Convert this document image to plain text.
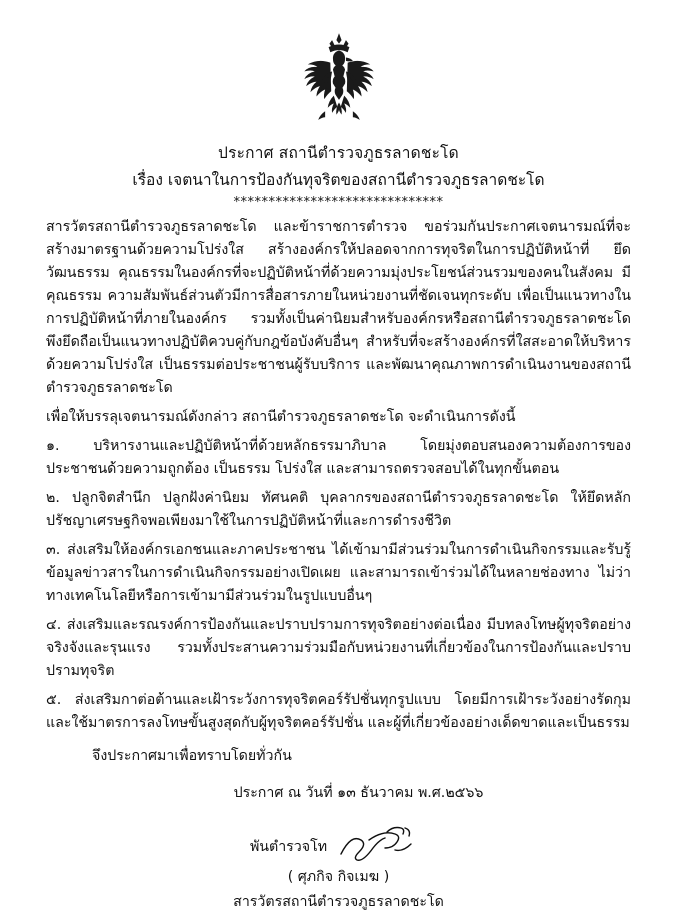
ประกาศ สถานีตำรวจภูธรลาดชะโด
เรื่อง เจตนาในการป้องกันทุจริตของสถานีตำรวจภูธรลาดชะโด
******************************

สารวัตรสถานีตำรวจภูธรลาดชะโด และข้าราชการตำรวจ ขอร่วมกันประกาศเจตนารมณ์ที่จะสร้างมาตรฐานด้วยความโปร่งใส สร้างองค์กรให้ปลอดจากการทุจริตในการปฏิบัติหน้าที่ ยึดวัฒนธรรม คุณธรรมในองค์กรที่จะปฏิบัติหน้าที่ด้วยความมุ่งประโยชน์ส่วนรวมของคนในสังคม มีคุณธรรม ความสัมพันธ์ส่วนตัวมีการสื่อสารภายในหน่วยงานที่ชัดเจนทุกระดับ เพื่อเป็นแนวทางในการปฏิบัติหน้าที่ภายในองค์กร รวมทั้งเป็นค่านิยมสำหรับองค์กรหรือสถานีตำรวจภูธรลาดชะโด พึงยึดถือเป็นแนวทางปฏิบัติควบคู่กับกฎข้อบังคับอื่นๆ สำหรับที่จะสร้างองค์กรที่ใสสะอาดให้บริหารด้วยความโปร่งใส เป็นธรรมต่อประชาชนผู้รับบริการ และพัฒนาคุณภาพการดำเนินงานของสถานีตำรวจภูธรลาดชะโด

เพื่อให้บรรลุเจตนารมณ์ดังกล่าว สถานีตำรวจภูธรลาดชะโด จะดำเนินการดังนี้

๑. บริหารงานและปฏิบัติหน้าที่ด้วยหลักธรรมาภิบาล โดยมุ่งตอบสนองความต้องการของประชาชนด้วยความถูกต้อง เป็นธรรม โปร่งใส และสามารถตรวจสอบได้ในทุกขั้นตอน

๒. ปลูกจิตสำนึก ปลูกฝังค่านิยม ทัศนคติ บุคลากรของสถานีตำรวจภูธรลาดชะโด ให้ยึดหลักปรัชญาเศรษฐกิจพอเพียงมาใช้ในการปฏิบัติหน้าที่และการดำรงชีวิต

๓. ส่งเสริมให้องค์กรเอกชนและภาคประชาชน ได้เข้ามามีส่วนร่วมในการดำเนินกิจกรรมและรับรู้ข้อมูลข่าวสารในการดำเนินกิจกรรมอย่างเปิดเผย และสามารถเข้าร่วมได้ในหลายช่องทาง ไม่ว่าทางเทคโนโลยีหรือการเข้ามามีส่วนร่วมในรูปแบบอื่นๆ

๔. ส่งเสริมและรณรงค์การป้องกันและปราบปรามการทุจริตอย่างต่อเนื่อง มีบทลงโทษผู้ทุจริตอย่างจริงจังและรุนแรง รวมทั้งประสานความร่วมมือกับหน่วยงานที่เกี่ยวข้องในการป้องกันและปราบปรามทุจริต

๕. ส่งเสริมกาต่อต้านและเฝ้าระวังการทุจริตคอร์รัปชั่นทุกรูปแบบ โดยมีการเฝ้าระวังอย่างรัดกุมและใช้มาตรการลงโทษขั้นสูงสุดกับผู้ทุจริตคอร์รัปชั่น และผู้ที่เกี่ยวข้องอย่างเด็ดขาดและเป็นธรรม

จึงประกาศมาเพื่อทราบโดยทั่วกัน
ประกาศ ณ วันที่ ๑๓ ธันวาคม พ.ศ.๒๕๖๖
พันตำรวจโท
( ศุภกิจ กิจเมฆ )
สารวัตรสถานีตำรวจภูธรลาดชะโด
